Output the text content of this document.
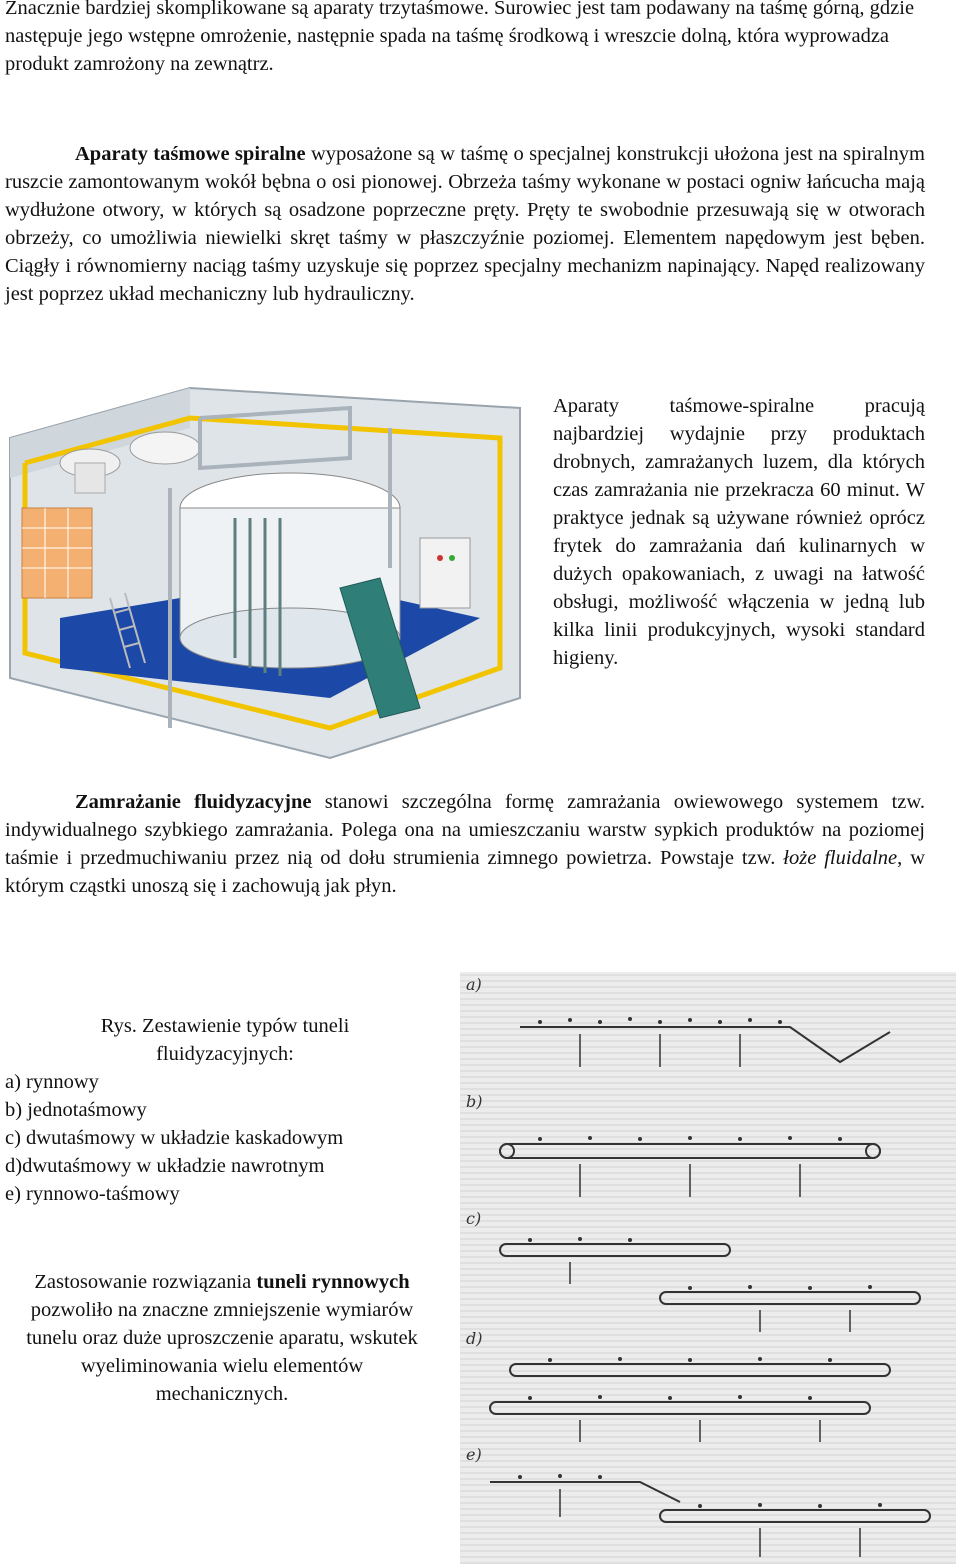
Znacznie bardziej skomplikowane są aparaty trzytaśmowe. Surowiec jest tam podawany na taśmę górną, gdzie następuje jego wstępne omrożenie, następnie spada na taśmę środkową i wreszcie dolną, która wyprowadza produkt zamrożony na zewnątrz.

Aparaty taśmowe spiralne wyposażone są w taśmę o specjalnej konstrukcji ułożona jest na spiralnym ruszcie zamontowanym wokół bębna o osi pionowej. Obrzeża taśmy wykonane w postaci ogniw łańcucha mają wydłużone otwory, w których są osadzone poprzeczne pręty. Pręty te swobodnie przesuwają się w otworach obrzeży, co umożliwia niewielki skręt taśmy w płaszczyźnie poziomej. Elementem napędowym jest bęben. Ciągły i równomierny naciąg taśmy uzyskuje się poprzez specjalny mechanizm napinający. Napęd realizowany jest poprzez układ mechaniczny lub hydrauliczny.

Aparaty taśmowe-spiralne pracują najbardziej wydajnie przy produktach drobnych, zamrażanych luzem, dla których czas zamrażania nie przekracza 60 minut. W praktyce jednak są używane również oprócz frytek do zamrażania dań kulinarnych w dużych opakowaniach, z uwagi na łatwość obsługi, możliwość włączenia w jedną lub kilka linii produkcyjnych, wysoki standard higieny.

Zamrażanie fluidyzacyjne stanowi szczególna formę zamrażania owiewowego systemem tzw. indywidualnego szybkiego zamrażania. Polega ona na umieszczaniu warstw sypkich produktów na poziomej taśmie i przedmuchiwaniu przez nią od dołu strumienia zimnego powietrza. Powstaje tzw. łoże fluidalne, w którym cząstki unoszą się i zachowują jak płyn.

Rys. Zestawienie typów tuneli
fluidyzacyjnych:
a) rynnowy
b) jednotaśmowy
c) dwutaśmowy w układzie kaskadowym
d)dwutaśmowy w układzie nawrotnym
e) rynnowo-taśmowy
Zastosowanie rozwiązania tuneli rynnowych pozwoliło na znaczne zmniejszenie wymiarów tunelu oraz duże uproszczenie aparatu, wskutek wyeliminowania wielu elementów mechanicznych.
a)
b)
c)
d)
e)
